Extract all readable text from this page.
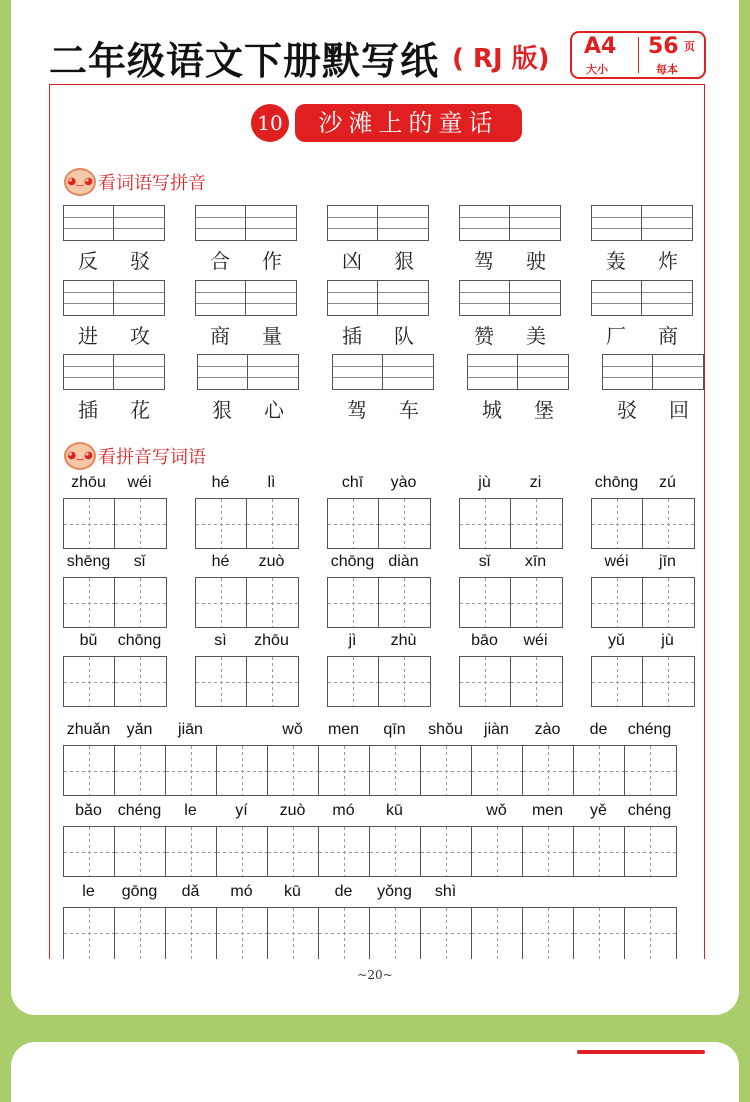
二年级语文下册默写纸 ( RJ 版) A4
大小
56 页
每本
10	沙滩上的童话
◕‿◕ 看词语写拼音
◕‿◕ 看拼音写词语
反 驳	合 作	凶 狠	驾 驶	轰 炸
进 攻	商 量	插 队	赞 美	厂 商
插 花	狠 心	驾 车	城 堡	驳 回
zhōu	wéi	hé	lì	chī	yào	jù	zi	chōng	zú
shēng	sǐ	hé	zuò	chōng diàn	sǐ	xīn	wéi	jīn
bǔ	chōng	sì	zhōu	jì	zhù	bāo	wéi	yǔ	jù
zhuǎn	yǎn	jiān	wǒ	men	qīn	shǒu	jiàn	zào	de	chéng
bǎo chéng	le	yí	zuò	mó	kū	wǒ	men	yě	chéng
le	gōng	dǎ	mó	kū	de	yǒng	shì
~20~
